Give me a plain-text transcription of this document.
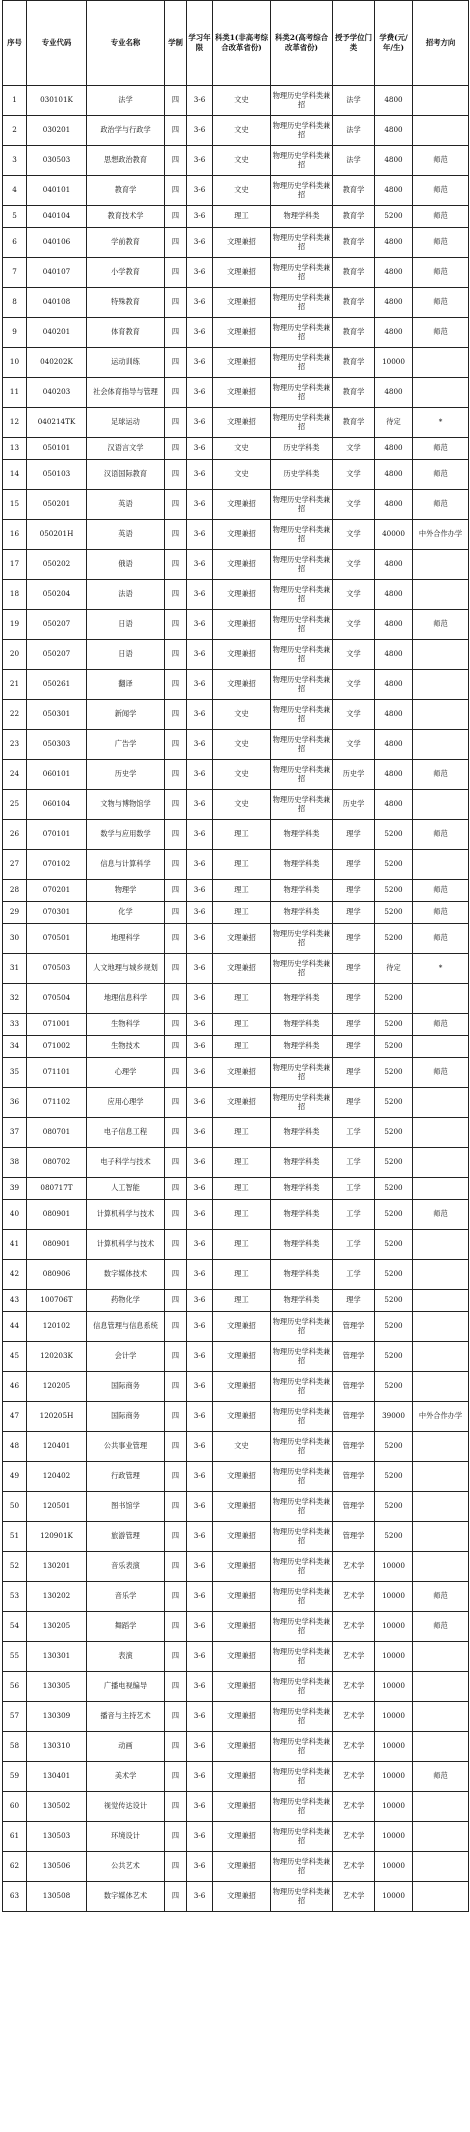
序号	专业代码	专业名称	学制	学习年限	科类1(非高考综合改革省份)	科类2(高考综合改革省份)	授予学位门类	学费(元/年/生)	招考方向
1	030101K	法学	四	3-6	文史	物理历史学科类兼招	法学	4800	
2	030201	政治学与行政学	四	3-6	文史	物理历史学科类兼招	法学	4800	
3	030503	思想政治教育	四	3-6	文史	物理历史学科类兼招	法学	4800	师范
4	040101	教育学	四	3-6	文史	物理历史学科类兼招	教育学	4800	师范
5	040104	教育技术学	四	3-6	理工	物理学科类	教育学	5200	师范
6	040106	学前教育	四	3-6	文理兼招	物理历史学科类兼招	教育学	4800	师范
7	040107	小学教育	四	3-6	文理兼招	物理历史学科类兼招	教育学	4800	师范
8	040108	特殊教育	四	3-6	文理兼招	物理历史学科类兼招	教育学	4800	师范
9	040201	体育教育	四	3-6	文理兼招	物理历史学科类兼招	教育学	4800	师范
10	040202K	运动训练	四	3-6	文理兼招	物理历史学科类兼招	教育学	10000	
11	040203	社会体育指导与管理	四	3-6	文理兼招	物理历史学科类兼招	教育学	4800	
12	040214TK	足球运动	四	3-6	文理兼招	物理历史学科类兼招	教育学	待定	*
13	050101	汉语言文学	四	3-6	文史	历史学科类	文学	4800	师范
14	050103	汉语国际教育	四	3-6	文史	历史学科类	文学	4800	师范
15	050201	英语	四	3-6	文理兼招	物理历史学科类兼招	文学	4800	师范
16	050201H	英语	四	3-6	文理兼招	物理历史学科类兼招	文学	40000	中外合作办学
17	050202	俄语	四	3-6	文理兼招	物理历史学科类兼招	文学	4800	
18	050204	法语	四	3-6	文理兼招	物理历史学科类兼招	文学	4800	
19	050207	日语	四	3-6	文理兼招	物理历史学科类兼招	文学	4800	师范
20	050207	日语	四	3-6	文理兼招	物理历史学科类兼招	文学	4800	
21	050261	翻译	四	3-6	文理兼招	物理历史学科类兼招	文学	4800	
22	050301	新闻学	四	3-6	文史	物理历史学科类兼招	文学	4800	
23	050303	广告学	四	3-6	文史	物理历史学科类兼招	文学	4800	
24	060101	历史学	四	3-6	文史	物理历史学科类兼招	历史学	4800	师范
25	060104	文物与博物馆学	四	3-6	文史	物理历史学科类兼招	历史学	4800	
26	070101	数学与应用数学	四	3-6	理工	物理学科类	理学	5200	师范
27	070102	信息与计算科学	四	3-6	理工	物理学科类	理学	5200	
28	070201	物理学	四	3-6	理工	物理学科类	理学	5200	师范
29	070301	化学	四	3-6	理工	物理学科类	理学	5200	师范
30	070501	地理科学	四	3-6	文理兼招	物理历史学科类兼招	理学	5200	师范
31	070503	人文地理与城乡规划	四	3-6	文理兼招	物理历史学科类兼招	理学	待定	*
32	070504	地理信息科学	四	3-6	理工	物理学科类	理学	5200	
33	071001	生物科学	四	3-6	理工	物理学科类	理学	5200	师范
34	071002	生物技术	四	3-6	理工	物理学科类	理学	5200	
35	071101	心理学	四	3-6	文理兼招	物理历史学科类兼招	理学	5200	师范
36	071102	应用心理学	四	3-6	文理兼招	物理历史学科类兼招	理学	5200	
37	080701	电子信息工程	四	3-6	理工	物理学科类	工学	5200	
38	080702	电子科学与技术	四	3-6	理工	物理学科类	工学	5200	
39	080717T	人工智能	四	3-6	理工	物理学科类	工学	5200	
40	080901	计算机科学与技术	四	3-6	理工	物理学科类	工学	5200	师范
41	080901	计算机科学与技术	四	3-6	理工	物理学科类	工学	5200	
42	080906	数字媒体技术	四	3-6	理工	物理学科类	工学	5200	
43	100706T	药物化学	四	3-6	理工	物理学科类	理学	5200	
44	120102	信息管理与信息系统	四	3-6	文理兼招	物理历史学科类兼招	管理学	5200	
45	120203K	会计学	四	3-6	文理兼招	物理历史学科类兼招	管理学	5200	
46	120205	国际商务	四	3-6	文理兼招	物理历史学科类兼招	管理学	5200	
47	120205H	国际商务	四	3-6	文理兼招	物理历史学科类兼招	管理学	39000	中外合作办学
48	120401	公共事业管理	四	3-6	文史	物理历史学科类兼招	管理学	5200	
49	120402	行政管理	四	3-6	文理兼招	物理历史学科类兼招	管理学	5200	
50	120501	图书馆学	四	3-6	文理兼招	物理历史学科类兼招	管理学	5200	
51	120901K	旅游管理	四	3-6	文理兼招	物理历史学科类兼招	管理学	5200	
52	130201	音乐表演	四	3-6	文理兼招	物理历史学科类兼招	艺术学	10000	
53	130202	音乐学	四	3-6	文理兼招	物理历史学科类兼招	艺术学	10000	师范
54	130205	舞蹈学	四	3-6	文理兼招	物理历史学科类兼招	艺术学	10000	师范
55	130301	表演	四	3-6	文理兼招	物理历史学科类兼招	艺术学	10000	
56	130305	广播电视编导	四	3-6	文理兼招	物理历史学科类兼招	艺术学	10000	
57	130309	播音与主持艺术	四	3-6	文理兼招	物理历史学科类兼招	艺术学	10000	
58	130310	动画	四	3-6	文理兼招	物理历史学科类兼招	艺术学	10000	
59	130401	美术学	四	3-6	文理兼招	物理历史学科类兼招	艺术学	10000	师范
60	130502	视觉传达设计	四	3-6	文理兼招	物理历史学科类兼招	艺术学	10000	
61	130503	环境设计	四	3-6	文理兼招	物理历史学科类兼招	艺术学	10000	
62	130506	公共艺术	四	3-6	文理兼招	物理历史学科类兼招	艺术学	10000	
63	130508	数字媒体艺术	四	3-6	文理兼招	物理历史学科类兼招	艺术学	10000	
